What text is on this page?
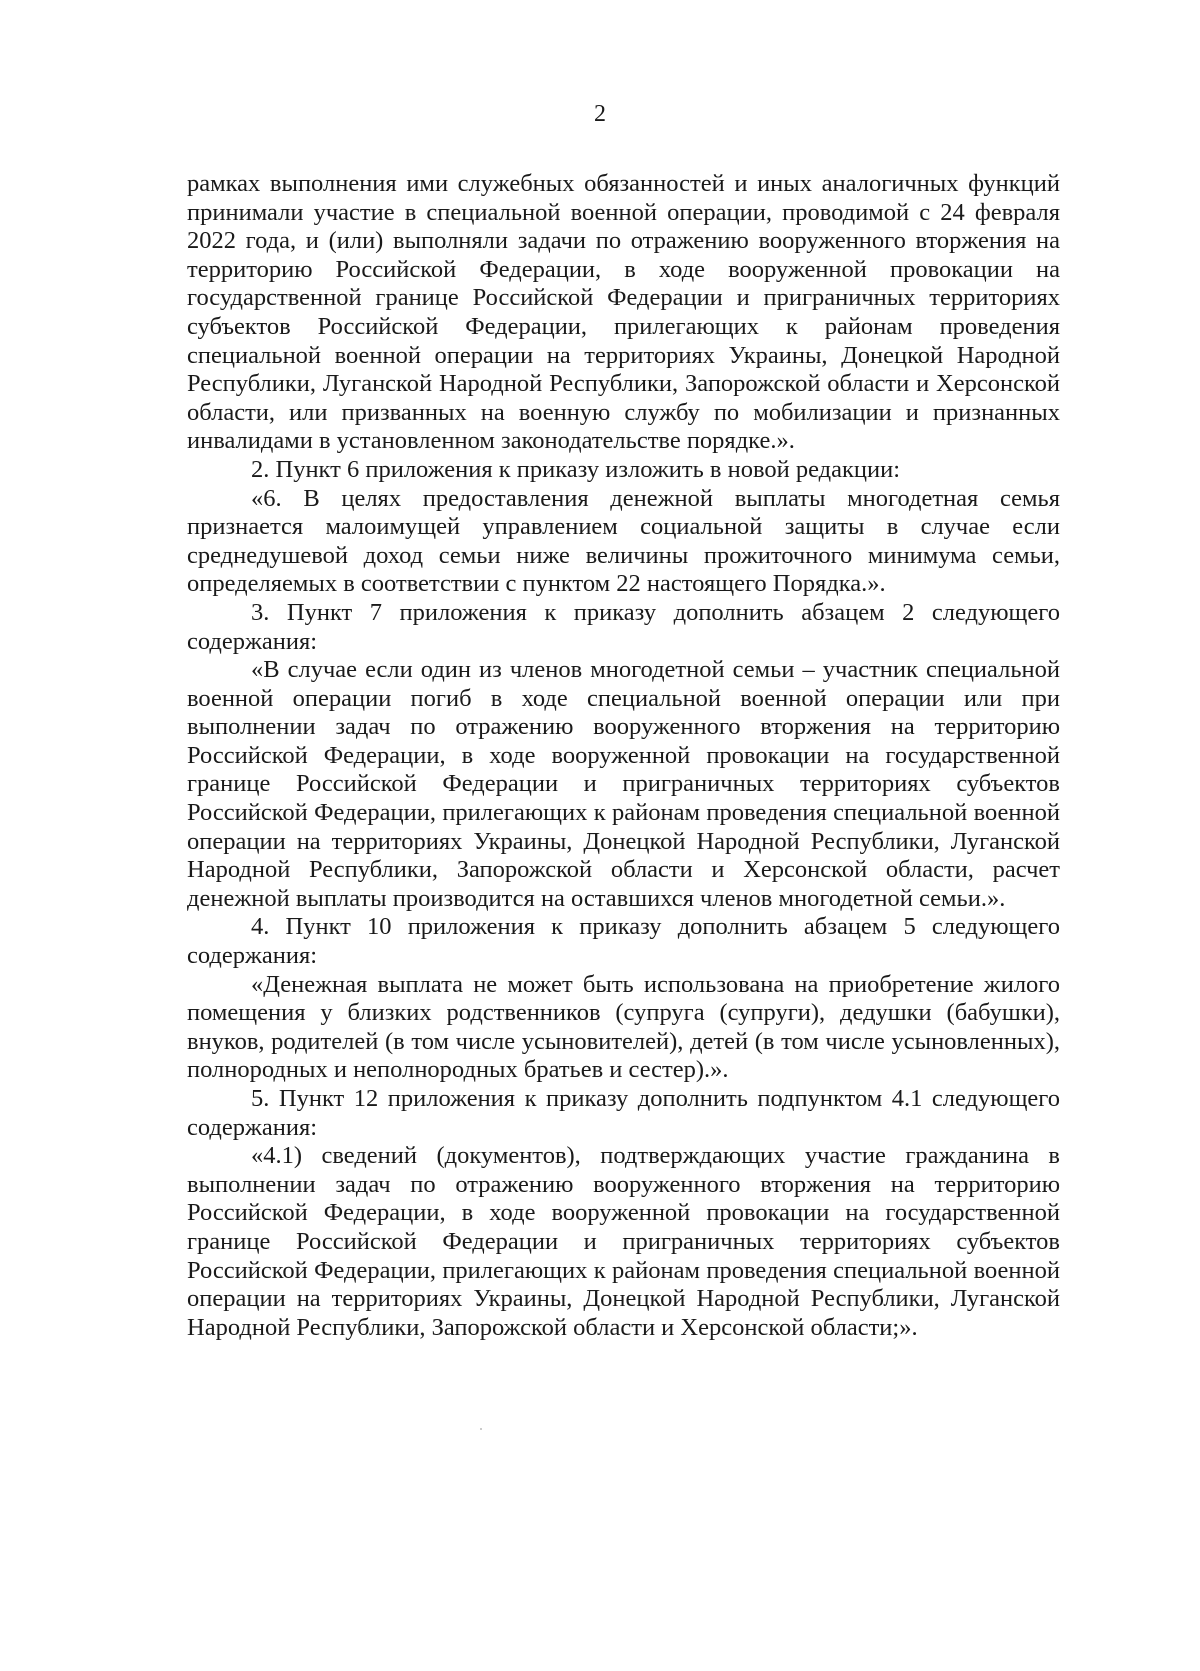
2

рамках выполнения ими служебных обязанностей и иных аналогичных функций принимали участие в специальной военной операции, проводимой с 24 февраля 2022 года, и (или) выполняли задачи по отражению вооруженного вторжения на территорию Российской Федерации, в ходе вооруженной провокации на государственной границе Российской Федерации и приграничных территориях субъектов Российской Федерации, прилегающих к районам проведения специальной военной операции на территориях Украины, Донецкой Народной Республики, Луганской Народной Республики, Запорожской области и Херсонской области, или призванных на военную службу по мобилизации и признанных инвалидами в установленном законодательстве порядке.».

2. Пункт 6 приложения к приказу изложить в новой редакции:

«6. В целях предоставления денежной выплаты многодетная семья признается малоимущей управлением социальной защиты в случае если среднедушевой доход семьи ниже величины прожиточного минимума семьи, определяемых в соответствии с пунктом 22 настоящего Порядка.».

3. Пункт 7 приложения к приказу дополнить абзацем 2 следующего содержания:

«В случае если один из членов многодетной семьи – участник специальной военной операции погиб в ходе специальной военной операции или при выполнении задач по отражению вооруженного вторжения на территорию Российской Федерации, в ходе вооруженной провокации на государственной границе Российской Федерации и приграничных территориях субъектов Российской Федерации, прилегающих к районам проведения специальной военной операции на территориях Украины, Донецкой Народной Республики, Луганской Народной Республики, Запорожской области и Херсонской области, расчет денежной выплаты производится на оставшихся членов многодетной семьи.».

4. Пункт 10 приложения к приказу дополнить абзацем 5 следующего содержания:

«Денежная выплата не может быть использована на приобретение жилого помещения у близких родственников (супруга (супруги), дедушки (бабушки), внуков, родителей (в том числе усыновителей), детей (в том числе усыновленных), полнородных и неполнородных братьев и сестер).».

5. Пункт 12 приложения к приказу дополнить подпунктом 4.1 следующего содержания:

«4.1) сведений (документов), подтверждающих участие гражданина в выполнении задач по отражению вооруженного вторжения на территорию Российской Федерации, в ходе вооруженной провокации на государственной границе Российской Федерации и приграничных территориях субъектов Российской Федерации, прилегающих к районам проведения специальной военной операции на территориях Украины, Донецкой Народной Республики, Луганской Народной Республики, Запорожской области и Херсонской области;».
